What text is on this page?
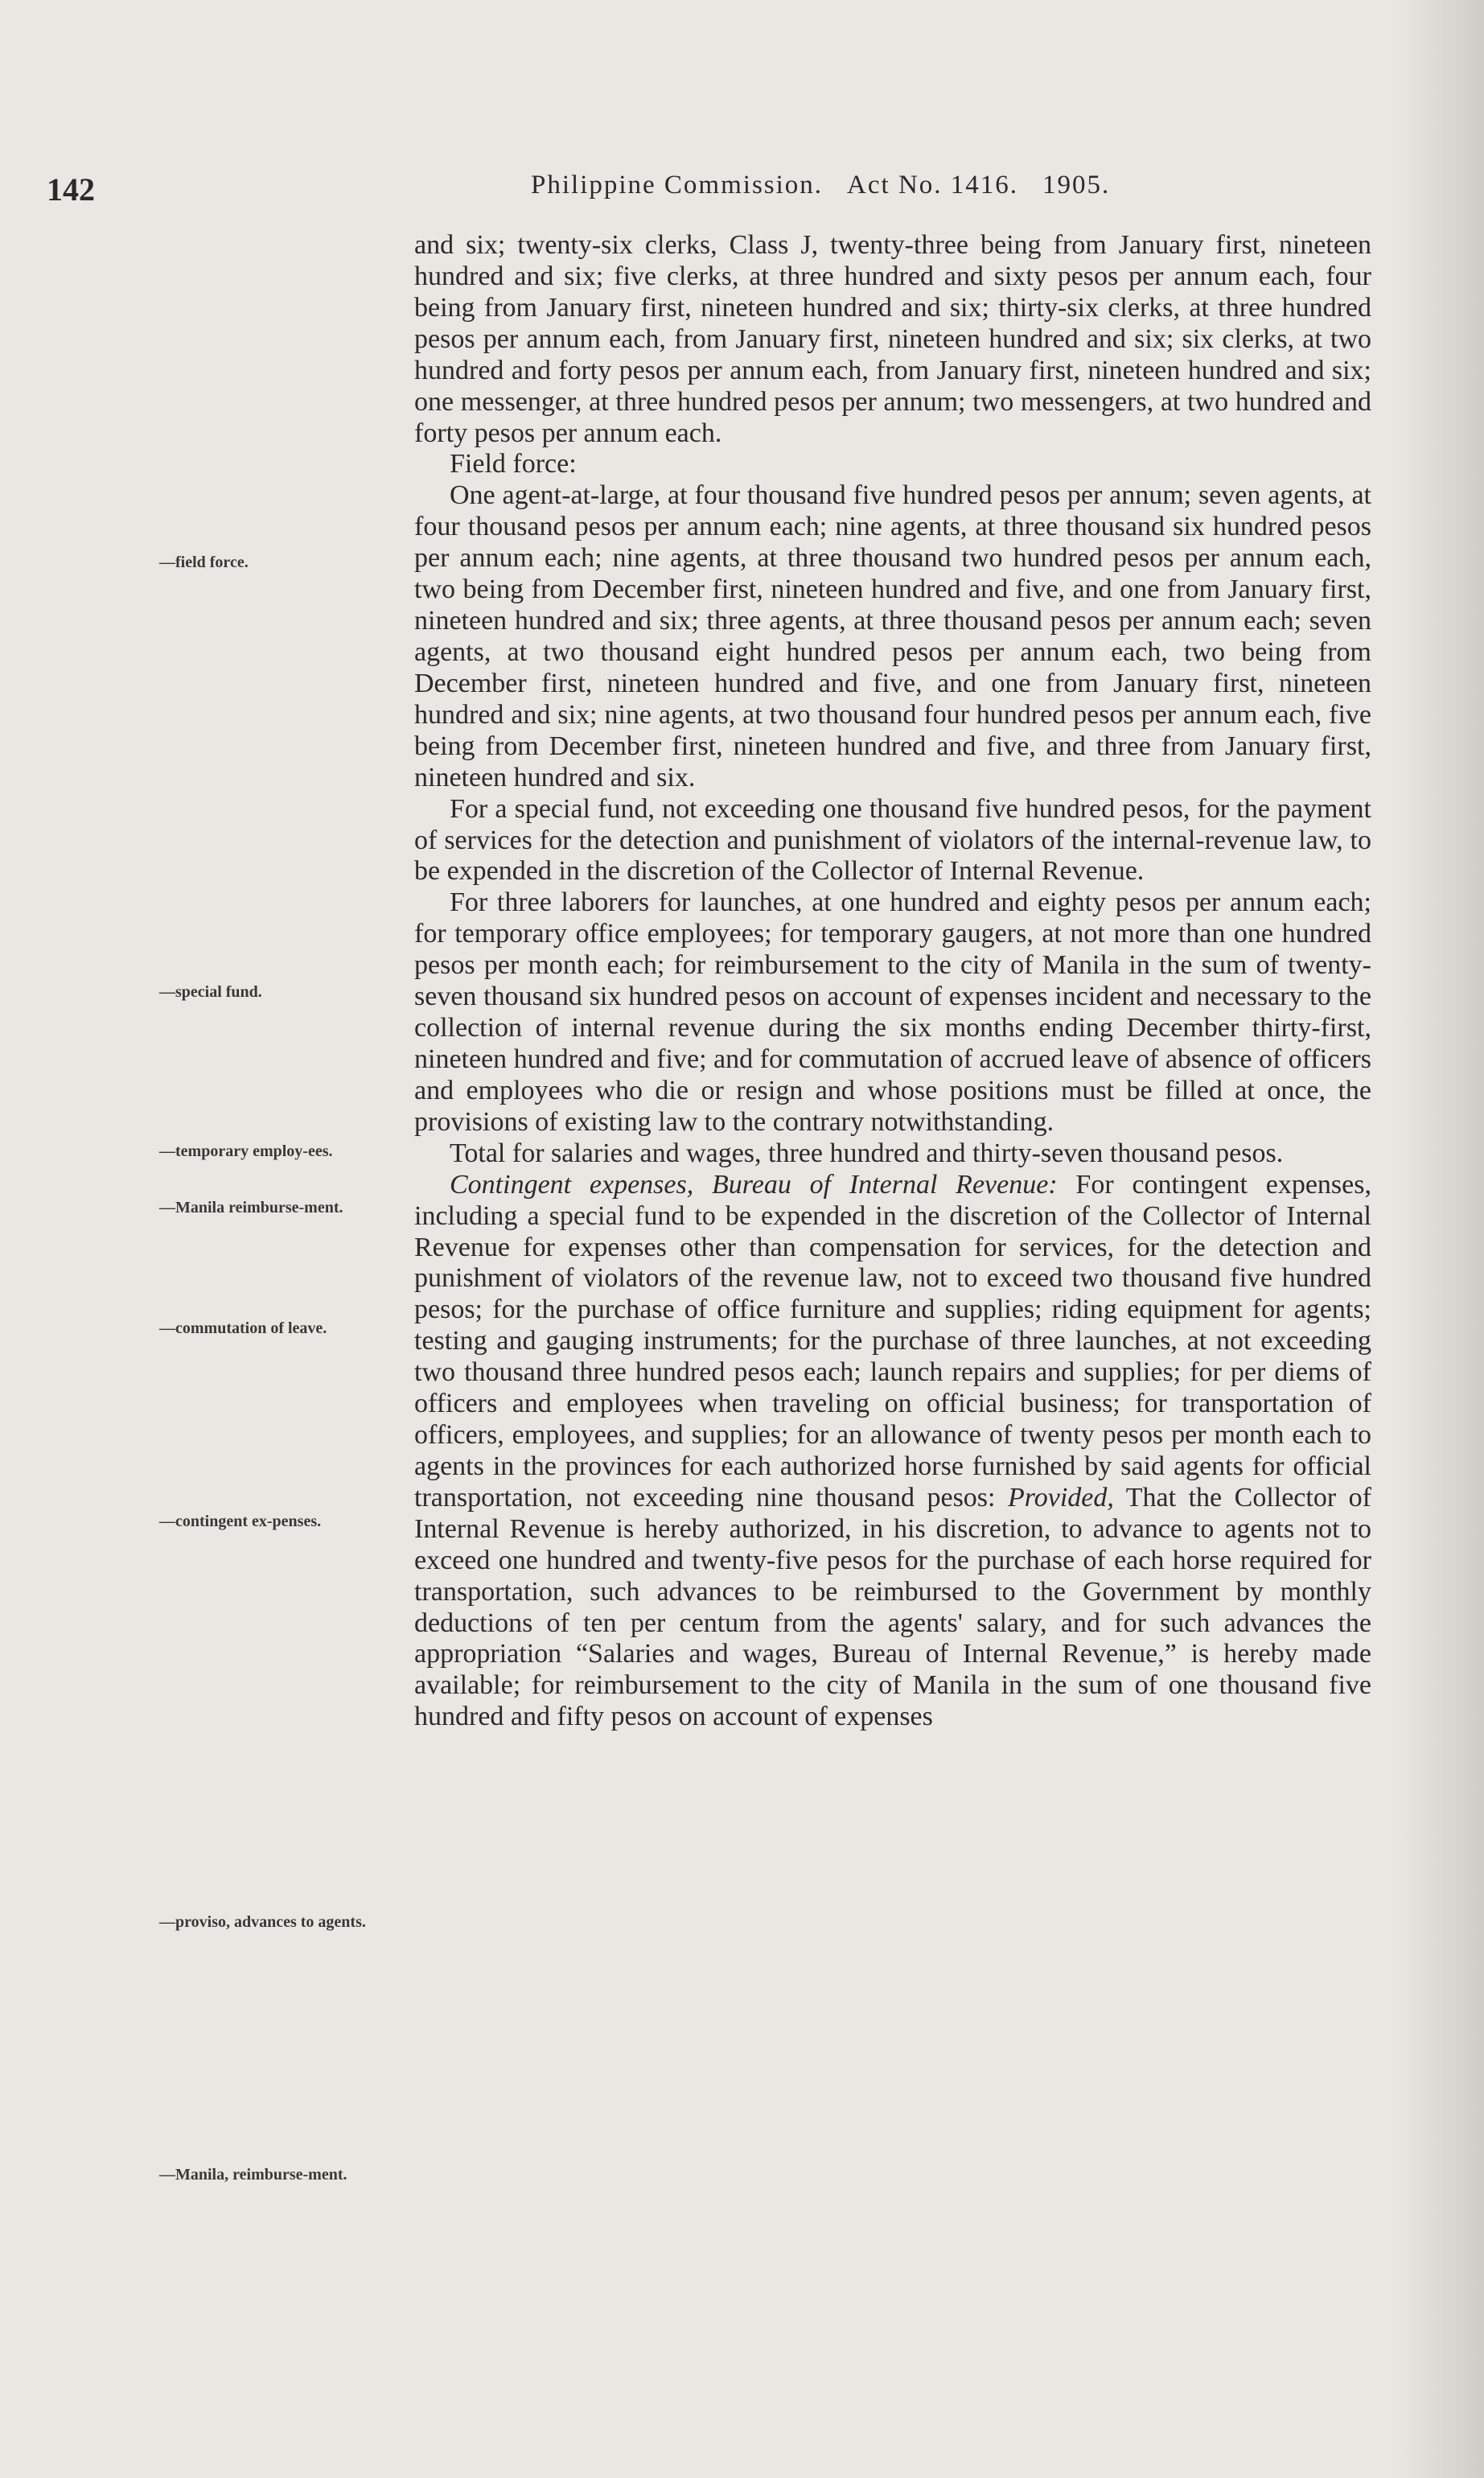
142	Philippine Commission. Act No. 1416. 1905.
—field force.
—special fund.
—temporary employ-ees.
—Manila reimburse-ment.
—commutation of leave.
—contingent ex-penses.
—proviso, advances to agents.
—Manila, reimburse-ment.

and six; twenty-six clerks, Class J, twenty-three being from January first, nineteen hundred and six; five clerks, at three hundred and sixty pesos per annum each, four being from January first, nineteen hundred and six; thirty-six clerks, at three hundred pesos per annum each, from January first, nineteen hundred and six; six clerks, at two hundred and forty pesos per annum each, from January first, nineteen hundred and six; one messenger, at three hundred pesos per annum; two messengers, at two hundred and forty pesos per annum each.

Field force:

One agent-at-large, at four thousand five hundred pesos per annum; seven agents, at four thousand pesos per annum each; nine agents, at three thousand six hundred pesos per annum each; nine agents, at three thousand two hundred pesos per annum each, two being from December first, nineteen hundred and five, and one from January first, nineteen hundred and six; three agents, at three thousand pesos per annum each; seven agents, at two thousand eight hundred pesos per annum each, two being from December first, nineteen hundred and five, and one from January first, nineteen hundred and six; nine agents, at two thousand four hundred pesos per annum each, five being from December first, nineteen hundred and five, and three from January first, nineteen hundred and six.

For a special fund, not exceeding one thousand five hundred pesos, for the payment of services for the detection and punishment of violators of the internal-revenue law, to be expended in the discretion of the Collector of Internal Revenue.

For three laborers for launches, at one hundred and eighty pesos per annum each; for temporary office employees; for temporary gaugers, at not more than one hundred pesos per month each; for reimbursement to the city of Manila in the sum of twenty-seven thousand six hundred pesos on account of expenses incident and necessary to the collection of internal revenue during the six months ending December thirty-first, nineteen hundred and five; and for commutation of accrued leave of absence of officers and employees who die or resign and whose positions must be filled at once, the provisions of existing law to the contrary notwithstanding.

Total for salaries and wages, three hundred and thirty-seven thousand pesos.

Contingent expenses, Bureau of Internal Revenue: For contingent expenses, including a special fund to be expended in the discretion of the Collector of Internal Revenue for expenses other than compensation for services, for the detection and punishment of violators of the revenue law, not to exceed two thousand five hundred pesos; for the purchase of office furniture and supplies; riding equipment for agents; testing and gauging instruments; for the purchase of three launches, at not exceeding two thousand three hundred pesos each; launch repairs and supplies; for per diems of officers and employees when traveling on official business; for transportation of officers, employees, and supplies; for an allowance of twenty pesos per month each to agents in the provinces for each authorized horse furnished by said agents for official transportation, not exceeding nine thousand pesos: Provided, That the Collector of Internal Revenue is hereby authorized, in his discretion, to advance to agents not to exceed one hundred and twenty-five pesos for the purchase of each horse required for transportation, such advances to be reimbursed to the Government by monthly deductions of ten per centum from the agents' salary, and for such advances the appropriation “Salaries and wages, Bureau of Internal Revenue,” is hereby made available; for reimbursement to the city of Manila in the sum of one thousand five hundred and fifty pesos on account of expenses
